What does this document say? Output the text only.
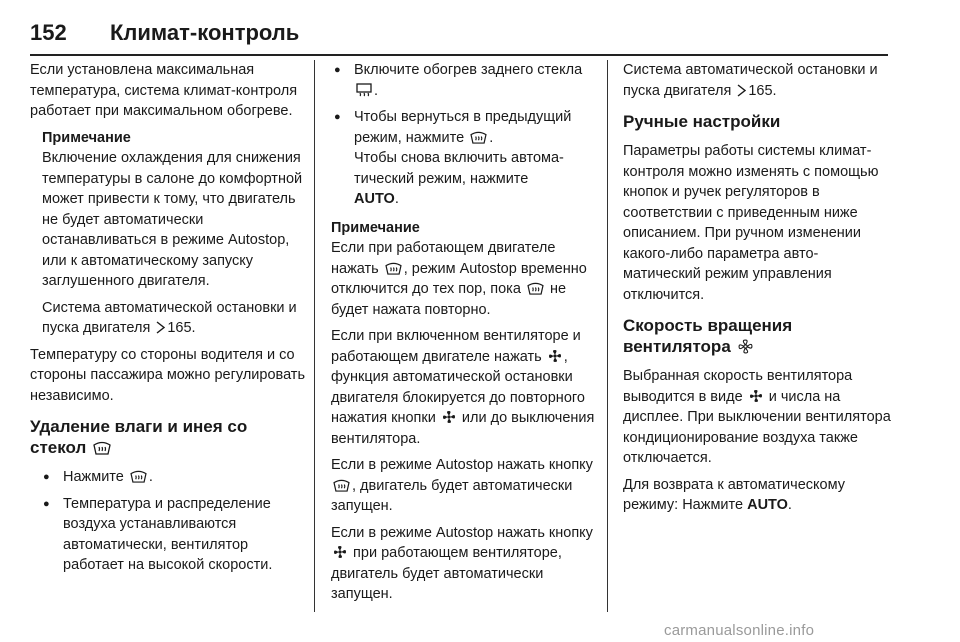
152	Климат-контроль

Если установлена максимальная температура, система климат-контроля работает при максимальном обогреве.

Примечание
Включение охлаждения для снижения температуры в салоне до комфортной может привести к тому, что двигатель не будет автоматически останавливаться в режиме Autostop, или к автоматическому запуску заглушенного двигателя.

Система автоматической остановки и пуска двигателя
165.

Температуру со стороны водителя и со стороны пассажира можно регулировать независимо.

Удаление влаги и инея со стекол
● Нажмите
.
● Температура и распределение воздуха устанавливаются автоматически, вентилятор работает на высокой скорости.
● Включите обогрев заднего стекла
.
● Чтобы вернуться в предыдущий режим, нажмите
.
Чтобы снова включить автоматический режим, нажмите
AUTO.

Примечание
Если при работающем двигателе нажать
, режим Autostop временно отключится до тех пор, пока
не будет нажата повторно.

Если при включенном вентиляторе и работающем двигателе нажать
, функция автоматической остановки двигателя блокируется до повторного нажатия кнопки
или до выключения вентилятора.

Если в режиме Autostop нажать кнопку
, двигатель будет автоматически запущен.

Если в режиме Autostop нажать кнопку
при работающем вентиляторе, двигатель будет автоматически запущен.

Система автоматической остановки и пуска двигателя
165.

Ручные настройки

Параметры работы системы климат-контроля можно изменять с помощью кнопок и ручек регуляторов в соответствии с приведенным ниже описанием. При ручном изменении какого-либо параметра автоматический режим управления отключится.

Скорость вращения
вентилятора

Выбранная скорость вентилятора выводится в виде
и числа на дисплее. При выключении вентилятора кондиционирование воздуха также отключается.

Для возврата к автоматическому режиму: Нажмите AUTO.

carmanualsonline.info
